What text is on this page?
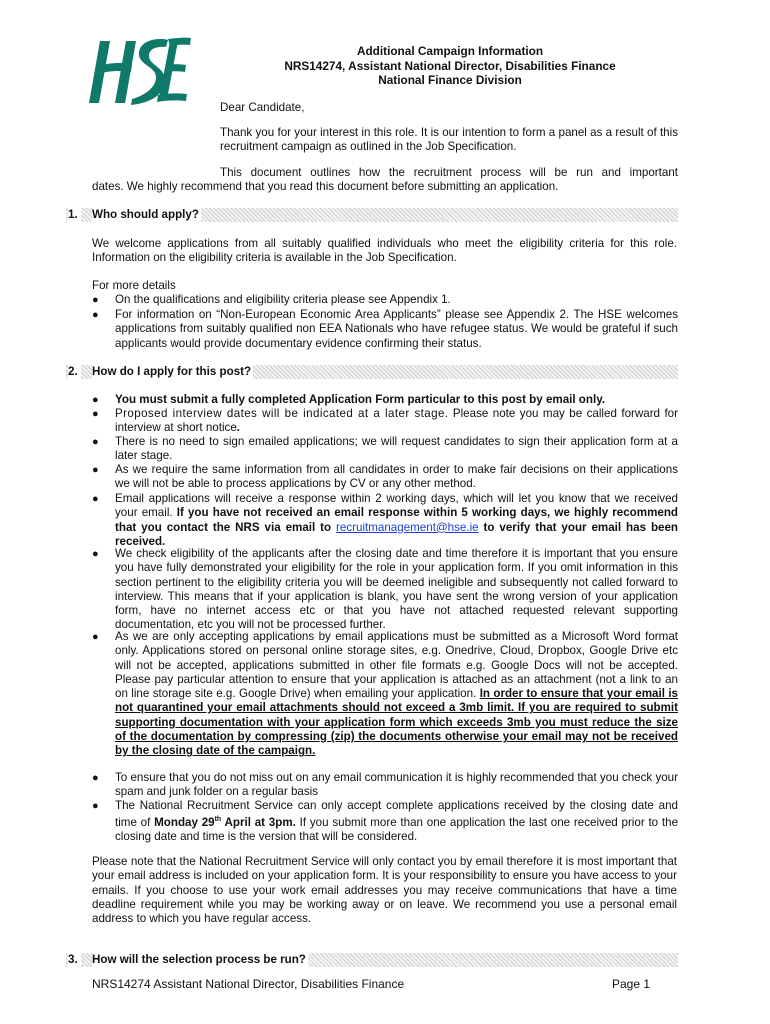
Additional Campaign Information
NRS14274, Assistant National Director, Disabilities Finance
National Finance Division
Dear Candidate,
Thank you for your interest in this role. It is our intention to form a panel as a result of this recruitment campaign as outlined in the Job Specification.
This document outlines how the recruitment process will be run and important
dates. We highly recommend that you read this document before submitting an application.
1. Who should apply?
We welcome applications from all suitably qualified individuals who meet the eligibility criteria for this role. Information on the eligibility criteria is available in the Job Specification.
For more details
● On the qualifications and eligibility criteria please see Appendix 1.
● For information on “Non-European Economic Area Applicants” please see Appendix 2. The HSE welcomes applications from suitably qualified non EEA Nationals who have refugee status. We would be grateful if such applicants would provide documentary evidence confirming their status.
2. How do I apply for this post?
● You must submit a fully completed Application Form particular to this post by email only.
● Proposed interview dates will be indicated at a later stage. Please note you may be called forward for interview at short notice.
● There is no need to sign emailed applications; we will request candidates to sign their application form at a later stage.
● As we require the same information from all candidates in order to make fair decisions on their applications we will not be able to process applications by CV or any other method.
● Email applications will receive a response within 2 working days, which will let you know that we received your email. If you have not received an email response within 5 working days, we highly recommend that you contact the NRS via email to recruitmanagement@hse.ie to verify that your email has been received.
● We check eligibility of the applicants after the closing date and time therefore it is important that you ensure you have fully demonstrated your eligibility for the role in your application form. If you omit information in this section pertinent to the eligibility criteria you will be deemed ineligible and subsequently not called forward to interview. This means that if your application is blank, you have sent the wrong version of your application form, have no internet access etc or that you have not attached requested relevant supporting documentation, etc you will not be processed further.
● As we are only accepting applications by email applications must be submitted as a Microsoft Word format only. Applications stored on personal online storage sites, e.g. Onedrive, Cloud, Dropbox, Google Drive etc will not be accepted, applications submitted in other file formats e.g. Google Docs will not be accepted. Please pay particular attention to ensure that your application is attached as an attachment (not a link to an on line storage site e.g. Google Drive) when emailing your application. In order to ensure that your email is not quarantined your email attachments should not exceed a 3mb limit. If you are required to submit supporting documentation with your application form which exceeds 3mb you must reduce the size of the documentation by compressing (zip) the documents otherwise your email may not be received by the closing date of the campaign.
● To ensure that you do not miss out on any email communication it is highly recommended that you check your spam and junk folder on a regular basis
● The National Recruitment Service can only accept complete applications received by the closing date and time of Monday 29th April at 3pm. If you submit more than one application the last one received prior to the closing date and time is the version that will be considered.
Please note that the National Recruitment Service will only contact you by email therefore it is most important that your email address is included on your application form. It is your responsibility to ensure you have access to your emails. If you choose to use your work email addresses you may receive communications that have a time deadline requirement while you may be working away or on leave. We recommend you use a personal email address to which you have regular access.
3. How will the selection process be run?
NRS14274 Assistant National Director, Disabilities Finance	Page 1
